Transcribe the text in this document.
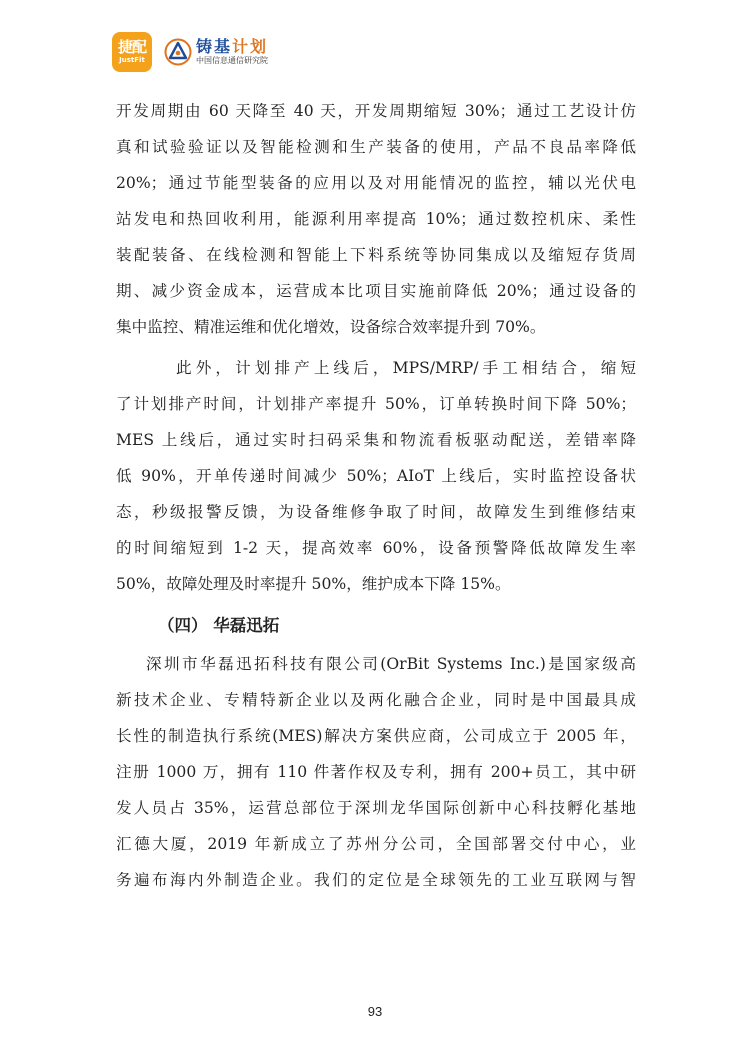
捷配
JustFit
铸基计划
中国信息通信研究院
开发周期由 60 天降至 40 天，开发周期缩短 30%；通过工艺设计仿
真和试验验证以及智能检测和生产装备的使用，产品不良品率降低
20%；通过节能型装备的应用以及对用能情况的监控，辅以光伏电
站发电和热回收利用，能源利用率提高 10%；通过数控机床、柔性
装配装备、在线检测和智能上下料系统等协同集成以及缩短存货周
期、减少资金成本，运营成本比项目实施前降低 20%；通过设备的
集中监控、精准运维和优化增效，设备综合效率提升到 70%。
此外，计划排产上线后，MPS/MRP/手工相结合，缩短
了计划排产时间，计划排产率提升 50%，订单转换时间下降 50%；
MES 上线后，通过实时扫码采集和物流看板驱动配送，差错率降
低 90%，开单传递时间减少 50%；AIoT 上线后，实时监控设备状
态，秒级报警反馈，为设备维修争取了时间，故障发生到维修结束
的时间缩短到 1-2 天，提高效率 60%，设备预警降低故障发生率
50%，故障处理及时率提升 50%，维护成本下降 15%。
（四） 华磊迅拓
深圳市华磊迅拓科技有限公司(OrBit Systems Inc.)是国家级高
新技术企业、专精特新企业以及两化融合企业，同时是中国最具成
长性的制造执行系统(MES)解决方案供应商，公司成立于 2005 年，
注册 1000 万，拥有 110 件著作权及专利，拥有 200+员工，其中研
发人员占 35%，运营总部位于深圳龙华国际创新中心科技孵化基地
汇德大厦，2019 年新成立了苏州分公司，全国部署交付中心，业
务遍布海内外制造企业。我们的定位是全球领先的工业互联网与智
93
